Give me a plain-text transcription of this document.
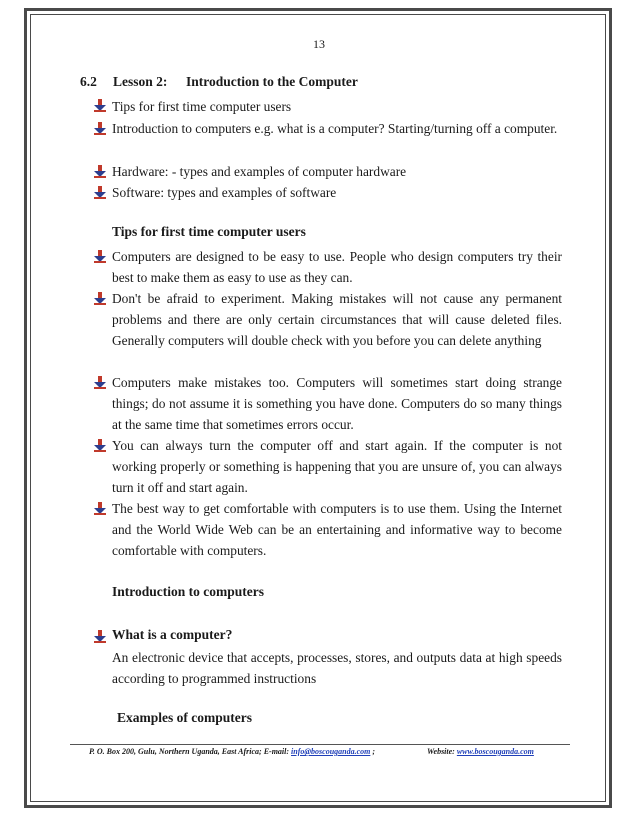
13
6.2 Lesson 2: Introduction to the Computer
Tips for first time computer users
Introduction to computers e.g. what is a computer? Starting/turning off a computer.
Hardware: - types and examples of computer hardware
Software: types and examples of software
Tips for first time computer users
Computers are designed to be easy to use. People who design computers try their best to make them as easy to use as they can.
Don't be afraid to experiment. Making mistakes will not cause any permanent problems and there are only certain circumstances that will cause deleted files. Generally computers will double check with you before you can delete anything
Computers make mistakes too. Computers will sometimes start doing strange things; do not assume it is something you have done. Computers do so many things at the same time that sometimes errors occur.
You can always turn the computer off and start again. If the computer is not working properly or something is happening that you are unsure of, you can always turn it off and start again.
The best way to get comfortable with computers is to use them. Using the Internet and the World Wide Web can be an entertaining and informative way to become comfortable with computers.
Introduction to computers
What is a computer?
An electronic device that accepts, processes, stores, and outputs data at high speeds according to programmed instructions
Examples of computers
P. O. Box 200, Gulu, Northern Uganda, East Africa; E-mail: info@boscouganda.com ;	Website: www.boscouganda.com
